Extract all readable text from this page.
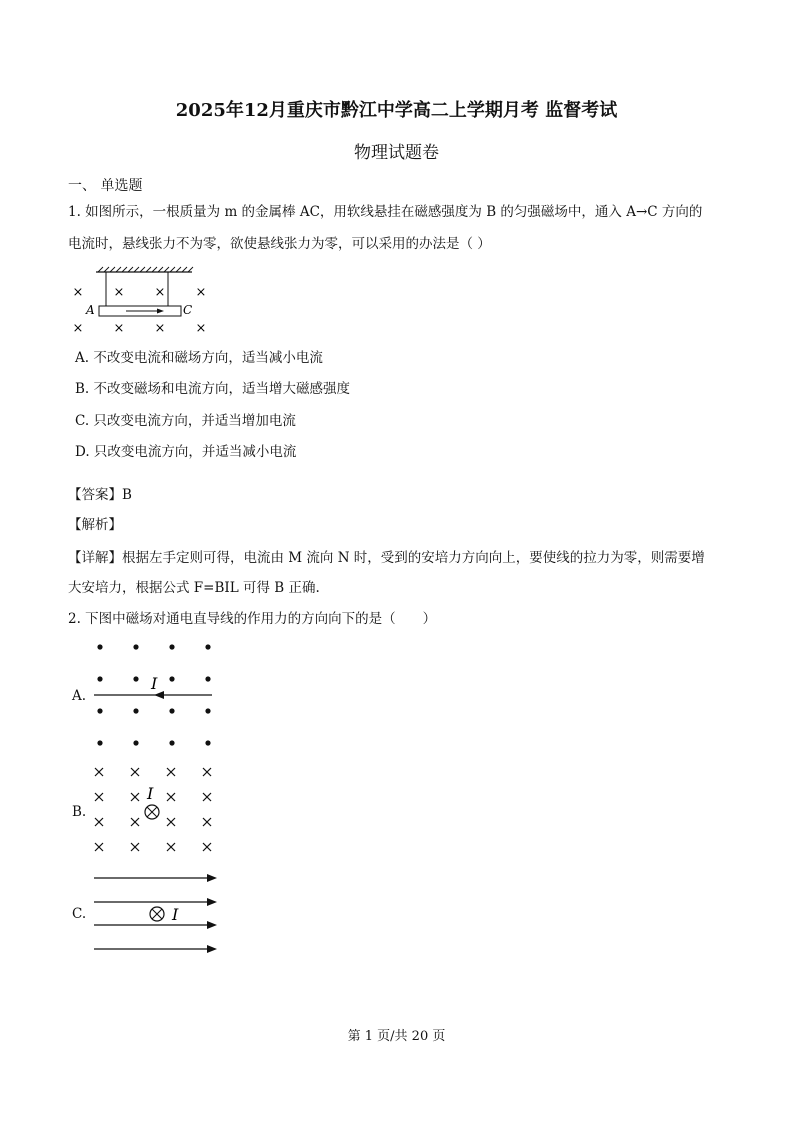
2025年12月重庆市黔江中学高二上学期月考 监督考试
物理试题卷
一、 单选题
1. 如图所示，一根质量为 m 的金属棒 AC，用软线悬挂在磁感强度为 B 的匀强磁场中，通入 A→C 方向的
电流时，悬线张力不为零，欲使悬线张力为零，可以采用的办法是（ ）
A	C
× × × ×
× × × ×
A. 不改变电流和磁场方向，适当减小电流
B. 不改变磁场和电流方向，适当增大磁感强度
C. 只改变电流方向，并适当增加电流
D. 只改变电流方向，并适当减小电流
【答案】B
【解析】
【详解】根据左手定则可得，电流由 M 流向 N 时，受到的安培力方向向上，要使线的拉力为零，则需要增
大安培力，根据公式 F=BIL 可得 B 正确.
2. 下图中磁场对通电直导线的作用力的方向向下的是（　　）
A.
I
B.
I
C.	I
第 1 页/共 20 页
